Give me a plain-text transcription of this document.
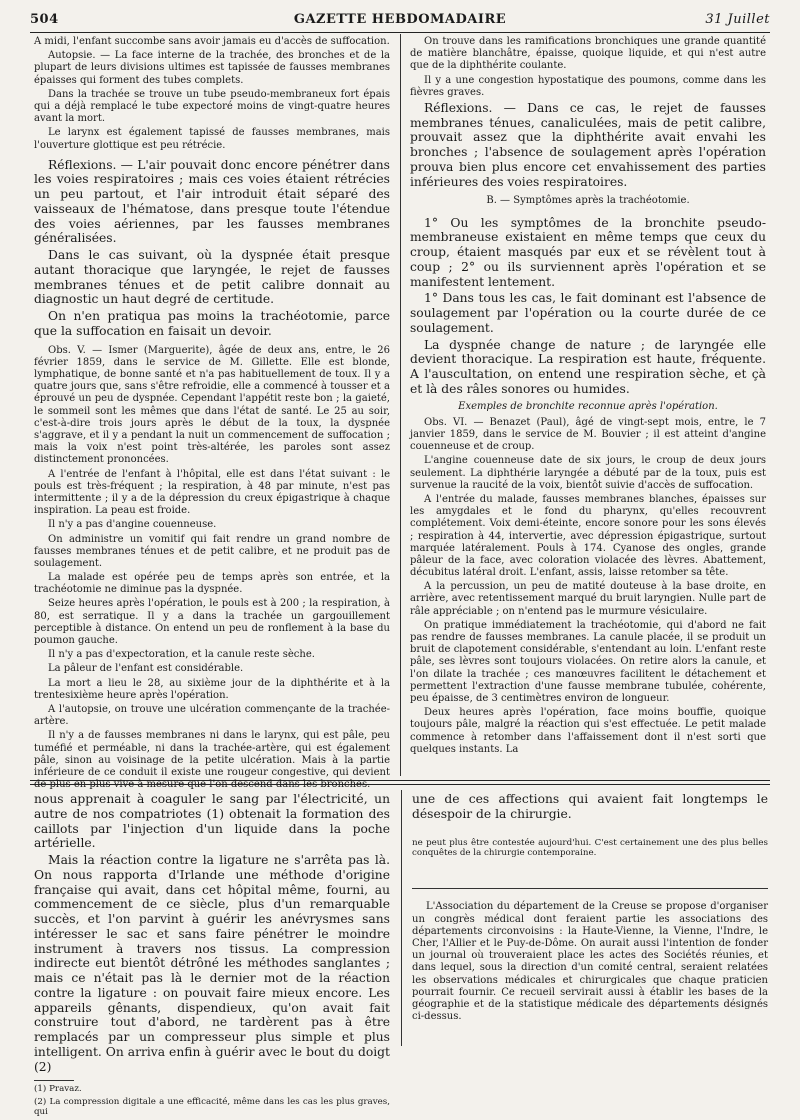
504	GAZETTE HEBDOMADAIRE	31 Juillet

A midi, l'enfant succombe sans avoir jamais eu d'accès de suffocation.

Autopsie. — La face interne de la trachée, des bronches et de la plupart de leurs divisions ultimes est tapissée de fausses membranes épaisses qui forment des tubes complets.

Dans la trachée se trouve un tube pseudo-membraneux fort épais qui a déjà remplacé le tube expectoré moins de vingt-quatre heures avant la mort.

Le larynx est également tapissé de fausses membranes, mais l'ouverture glottique est peu rétrécie.

Réflexions. — L'air pouvait donc encore pénétrer dans les voies respiratoires ; mais ces voies étaient rétrécies un peu partout, et l'air introduit était séparé des vaisseaux de l'hématose, dans presque toute l'étendue des voies aériennes, par les fausses membranes généralisées.

Dans le cas suivant, où la dyspnée était presque autant thoracique que laryngée, le rejet de fausses membranes ténues et de petit calibre donnait au diagnostic un haut degré de certitude.

On n'en pratiqua pas moins la trachéotomie, parce que la suffocation en faisait un devoir.

Obs. V. — Ismer (Marguerite), âgée de deux ans, entre, le 26 février 1859, dans le service de M. Gillette. Elle est blonde, lymphatique, de bonne santé et n'a pas habituellement de toux. Il y a quatre jours que, sans s'être refroidie, elle a commencé à tousser et a éprouvé un peu de dyspnée. Cependant l'appétit reste bon ; la gaieté, le sommeil sont les mêmes que dans l'état de santé. Le 25 au soir, c'est-à-dire trois jours après le début de la toux, la dyspnée s'aggrave, et il y a pendant la nuit un commencement de suffocation ; mais la voix n'est point très-altérée, les paroles sont assez distinctement prononcées.

A l'entrée de l'enfant à l'hôpital, elle est dans l'état suivant : le pouls est très-fréquent ; la respiration, à 48 par minute, n'est pas intermittente ; il y a de la dépression du creux épigastrique à chaque inspiration. La peau est froide.

Il n'y a pas d'angine couenneuse.

On administre un vomitif qui fait rendre un grand nombre de fausses membranes ténues et de petit calibre, et ne produit pas de soulagement.

La malade est opérée peu de temps après son entrée, et la trachéotomie ne diminue pas la dyspnée.

Seize heures après l'opération, le pouls est à 200 ; la respiration, à 80, est serratique. Il y a dans la trachée un gargouillement perceptible à distance. On entend un peu de ronflement à la base du poumon gauche.

Il n'y a pas d'expectoration, et la canule reste sèche.

La pâleur de l'enfant est considérable.

La mort a lieu le 28, au sixième jour de la diphthérite et à la trentesixième heure après l'opération.

A l'autopsie, on trouve une ulcération commençante de la trachée-artère.

Il n'y a de fausses membranes ni dans le larynx, qui est pâle, peu tuméfié et perméable, ni dans la trachée-artère, qui est également pâle, sinon au voisinage de la petite ulcération. Mais à la partie inférieure de ce conduit il existe une rougeur congestive, qui devient

On trouve dans les ramifications bronchiques une grande quantité de matière blanchâtre, épaisse, quoique liquide, et qui n'est autre que de la diphthérite coulante.

Il y a une congestion hypostatique des poumons, comme dans les fièvres graves.

Réflexions. — Dans ce cas, le rejet de fausses membranes ténues, canaliculées, mais de petit calibre, prouvait assez que la diphthérite avait envahi les bronches ; l'absence de soulagement après l'opération prouva bien plus encore cet envahissement des parties inférieures des voies respiratoires.

B. — Symptômes après la trachéotomie.

1° Ou les symptômes de la bronchite pseudo-membraneuse existaient en même temps que ceux du croup, étaient masqués par eux et se révèlent tout à coup ; 2° ou ils surviennent après l'opération et se manifestent lentement.

1° Dans tous les cas, le fait dominant est l'absence de soulagement par l'opération ou la courte durée de ce soulagement.

La dyspnée change de nature ; de laryngée elle devient thoracique. La respiration est haute, fréquente. A l'auscultation, on entend une respiration sèche, et çà et là des râles sonores ou humides.

Exemples de bronchite reconnue après l'opération.

Obs. VI. — Benazet (Paul), âgé de vingt-sept mois, entre, le 7 janvier 1859, dans le service de M. Bouvier ; il est atteint d'angine couenneuse et de croup.

L'angine couenneuse date de six jours, le croup de deux jours seulement. La diphthérie laryngée a débuté par de la toux, puis est survenue la raucité de la voix, bientôt suivie d'accès de suffocation.

A l'entrée du malade, fausses membranes blanches, épaisses sur les amygdales et le fond du pharynx, qu'elles recouvrent complétement. Voix demi-éteinte, encore sonore pour les sons élevés ; respiration à 44, intervertie, avec dépression épigastrique, surtout marquée latéralement. Pouls à 174. Cyanose des ongles, grande pâleur de la face, avec coloration violacée des lèvres. Abattement, décubitus latéral droit. L'enfant, assis, laisse retomber sa tête.

A la percussion, un peu de matité douteuse à la base droite, en arrière, avec retentissement marqué du bruit laryngien. Nulle part de râle appréciable ; on n'entend pas le murmure vésiculaire.

On pratique immédiatement la trachéotomie, qui d'abord ne fait pas rendre de fausses membranes. La canule placée, il se produit un bruit de clapotement considérable, s'entendant au loin. L'enfant reste pâle, ses lèvres sont toujours violacées. On retire alors la canule, et l'on dilate la trachée ; ces manœuvres facilitent le détachement et permettent l'extraction d'une fausse membrane tubulée, cohérente, peu épaisse, de 3 centimètres environ de longueur.

Deux heures après l'opération, face moins bouffie, quoique toujours pâle, malgré la réaction qui s'est effectuée. Le petit malade commence à retomber dans l'affaissement dont il n'est sorti que quelques instants. La

nous apprenait à coaguler le sang par l'électricité, un autre de nos compatriotes (1) obtenait la formation des caillots par l'injection d'un liquide dans la poche artérielle.

Mais la réaction contre la ligature ne s'arrêta pas là. On nous rapporta d'Irlande une méthode d'origine française qui avait, dans cet hôpital même, fourni, au commencement de ce siècle, plus d'un remarquable succès, et l'on parvint à guérir les anévrysmes sans intéresser le sac et sans faire pénétrer le moindre instrument à travers nos tissus. La compression indirecte eut bientôt détrôné les méthodes sanglantes ; mais ce n'était pas là le dernier mot de la réaction contre la ligature : on pouvait faire mieux encore. Les appareils gênants, dispendieux, qu'on avait fait construire tout d'abord, ne tardèrent pas à être remplacés par un compresseur plus simple et plus intelligent. On arriva enfin à guérir avec le bout du doigt (2)

(1) Pravaz.

(2) La compression digitale a une efficacité, même dans les cas les plus graves, qui

une de ces affections qui avaient fait longtemps le désespoir de la chirurgie.

ne peut plus être contestée aujourd'hui. C'est certainement une des plus belles conquêtes de la chirurgie contemporaine.

L'Association du département de la Creuse se propose d'organiser un congrès médical dont feraient partie les associations des départements circonvoisins : la Haute-Vienne, la Vienne, l'Indre, le Cher, l'Allier et le Puy-de-Dôme. On aurait aussi l'intention de fonder un journal où trouveraient place les actes des Sociétés réunies, et dans lequel, sous la direction d'un comité central, seraient relatées les observations médicales et chirurgicales que chaque praticien pourrait fournir. Ce recueil servirait aussi à établir les bases de la géographie et de la statistique médicale des départements désignés ci-dessus.
